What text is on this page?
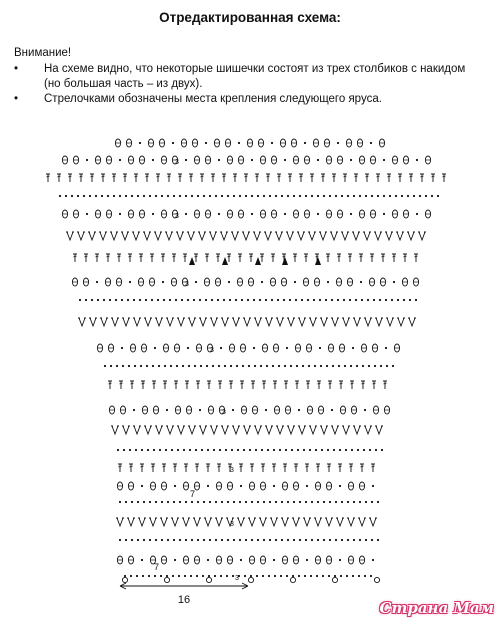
Отредактированная схема:
Внимание!
• На схеме видно, что некоторые шишечки состоят из трех столбиков с накидом
(но большая часть – из двух).
• Стрелочками обозначены места крепления следующего яруса.
3
3
3
3
3
3
3
3
16
7
7
Страна Мам
